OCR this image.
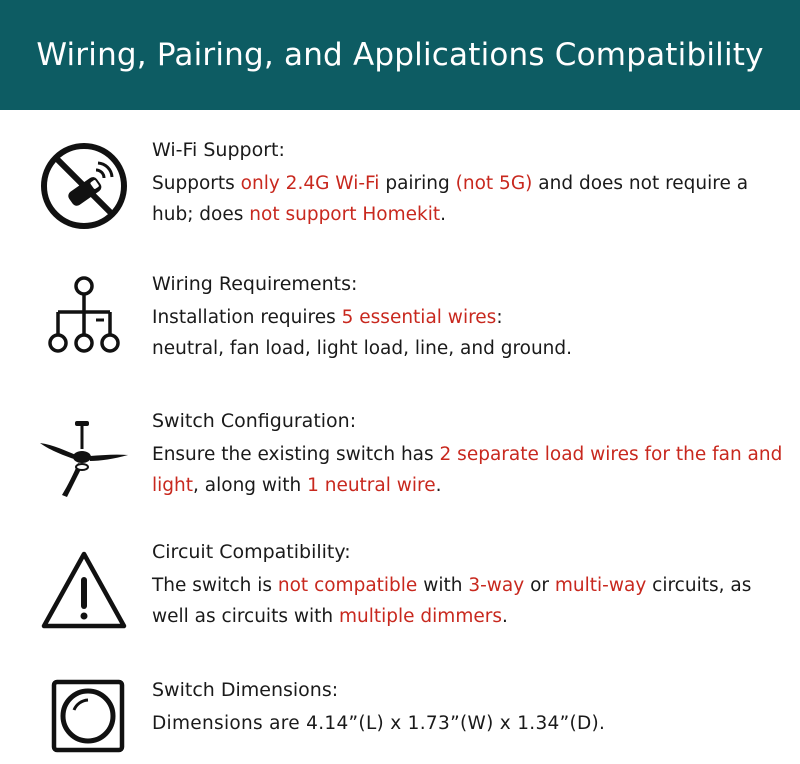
Wiring, Pairing, and Applications Compatibility
Wi-Fi Support:
Supports only 2.4G Wi-Fi pairing (not 5G) and does not require a hub; does not support Homekit.
Wiring Requirements:
Installation requires 5 essential wires:
neutral, fan load, light load, line, and ground.
Switch Configuration:
Ensure the existing switch has 2 separate load wires for the fan and light, along with 1 neutral wire.
Circuit Compatibility:
The switch is not compatible with 3-way or multi-way circuits, as well as circuits with multiple dimmers.
Switch Dimensions:
Dimensions are 4.14”(L) x 1.73”(W) x 1.34”(D).
